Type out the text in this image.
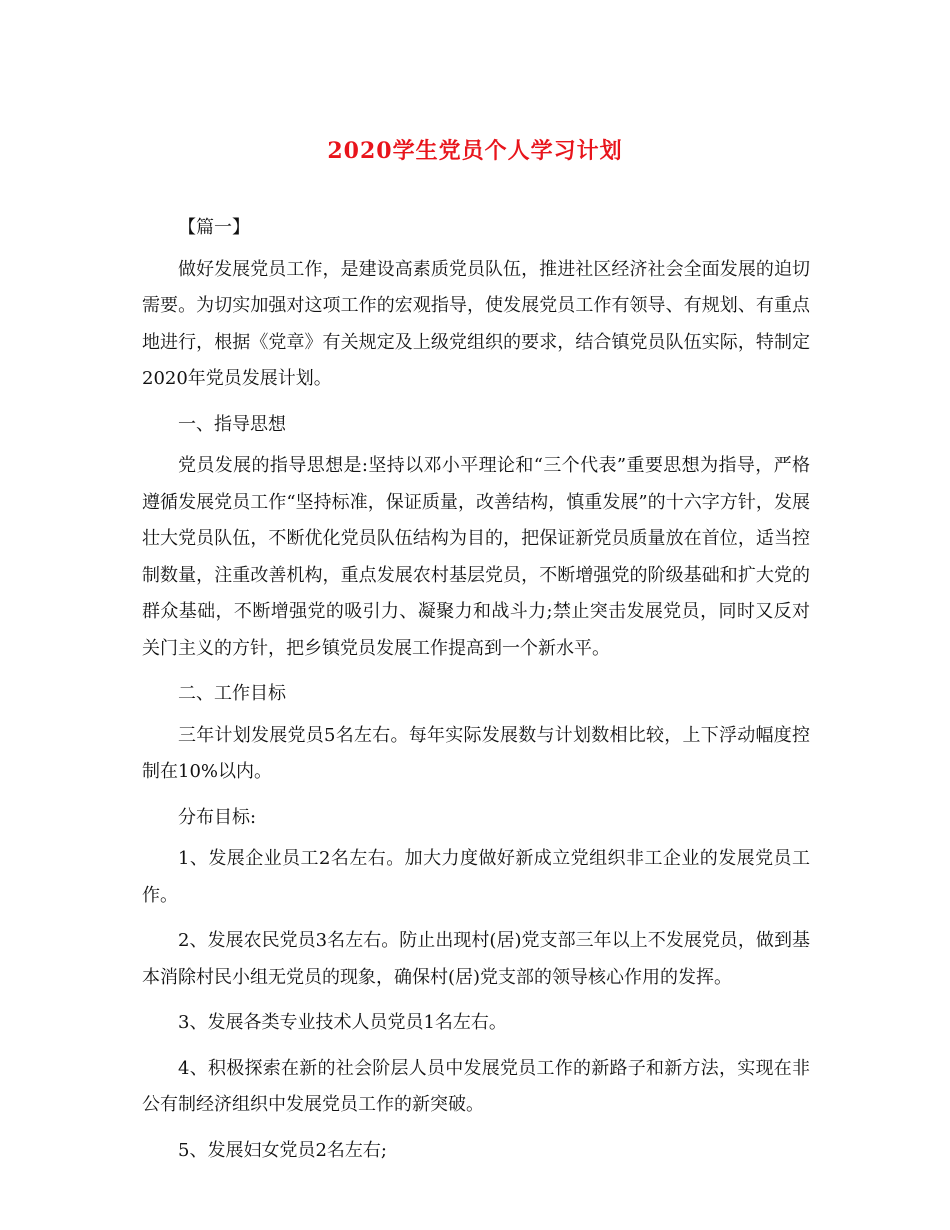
2020学生党员个人学习计划

【篇一】

做好发展党员工作，是建设高素质党员队伍，推进社区经济社会全面发展的迫切需要。为切实加强对这项工作的宏观指导，使发展党员工作有领导、有规划、有重点地进行，根据《党章》有关规定及上级党组织的要求，结合镇党员队伍实际，特制定2020年党员发展计划。

一、指导思想

党员发展的指导思想是:坚持以邓小平理论和“三个代表”重要思想为指导，严格遵循发展党员工作“坚持标准，保证质量，改善结构，慎重发展”的十六字方针，发展壮大党员队伍，不断优化党员队伍结构为目的，把保证新党员质量放在首位，适当控制数量，注重改善机构，重点发展农村基层党员，不断增强党的阶级基础和扩大党的群众基础，不断增强党的吸引力、凝聚力和战斗力;禁止突击发展党员，同时又反对关门主义的方针，把乡镇党员发展工作提高到一个新水平。

二、工作目标

三年计划发展党员5名左右。每年实际发展数与计划数相比较，上下浮动幅度控制在10%以内。

分布目标:

1、发展企业员工2名左右。加大力度做好新成立党组织非工企业的发展党员工作。

2、发展农民党员3名左右。防止出现村(居)党支部三年以上不发展党员，做到基本消除村民小组无党员的现象，确保村(居)党支部的领导核心作用的发挥。

3、发展各类专业技术人员党员1名左右。

4、积极探索在新的社会阶层人员中发展党员工作的新路子和新方法，实现在非公有制经济组织中发展党员工作的新突破。

5、发展妇女党员2名左右;
